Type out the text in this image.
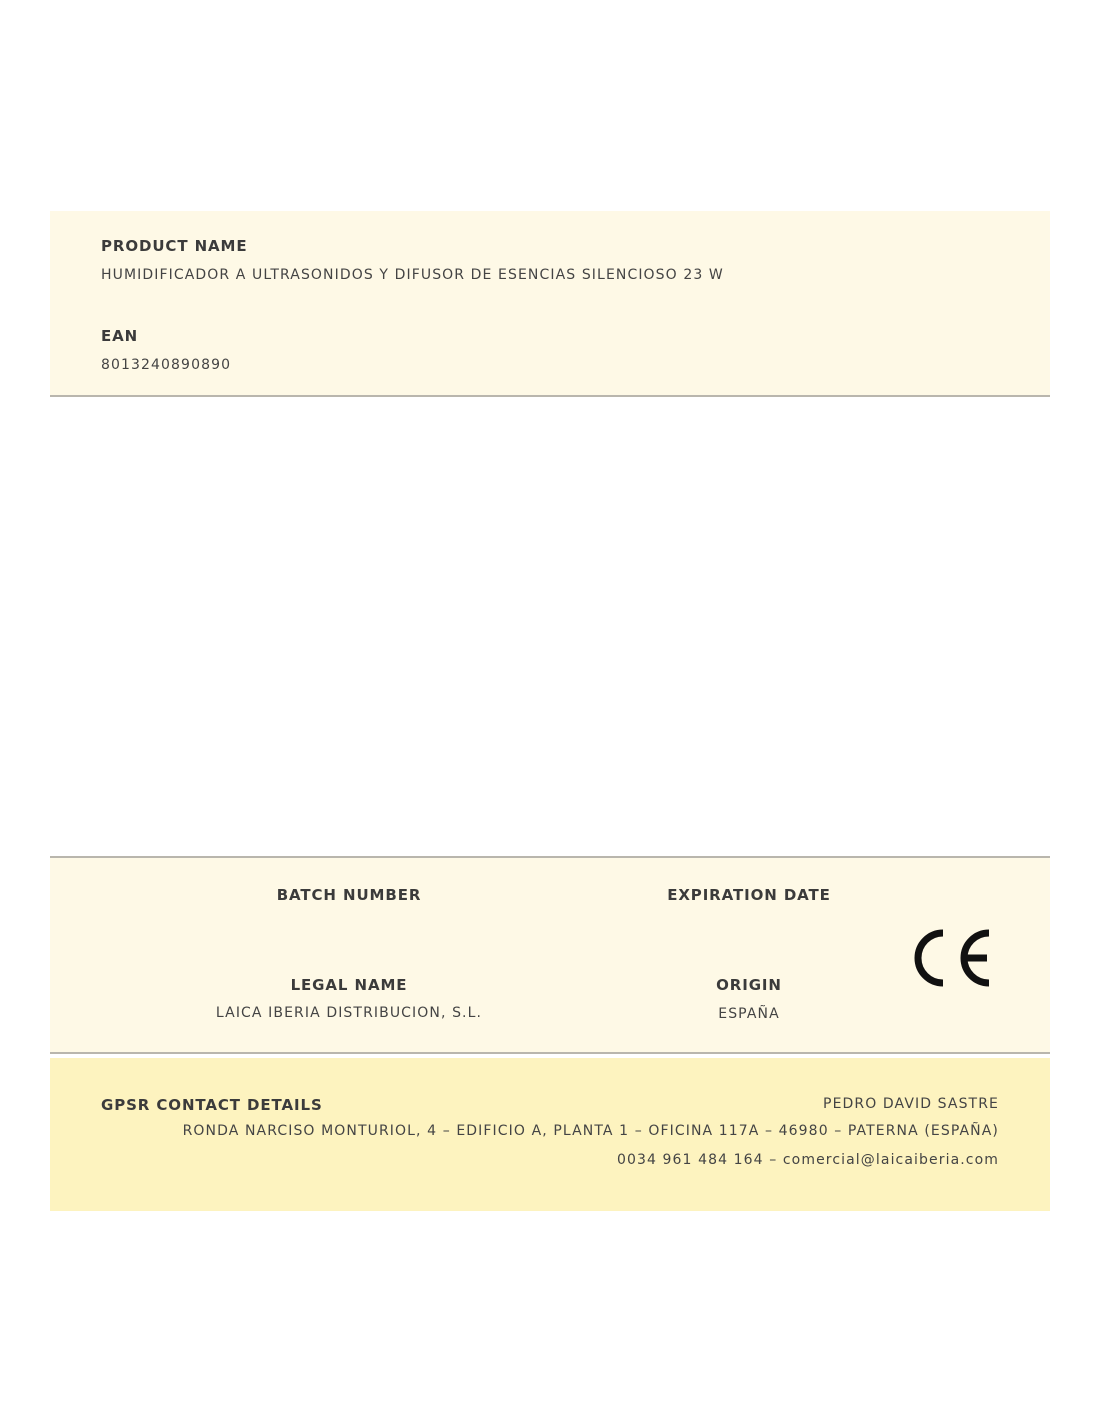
PRODUCT NAME
HUMIDIFICADOR A ULTRASONIDOS Y DIFUSOR DE ESENCIAS SILENCIOSO 23 W
EAN
8013240890890
BATCH NUMBER	EXPIRATION DATE
LEGAL NAME
LAICA IBERIA DISTRIBUCION, S.L.
ORIGIN
ESPAÑA
GPSR CONTACT DETAILS	PEDRO DAVID SASTRE
RONDA NARCISO MONTURIOL, 4 – EDIFICIO A, PLANTA 1 – OFICINA 117A – 46980 – PATERNA (ESPAÑA)
0034 961 484 164 – comercial@laicaiberia.com
